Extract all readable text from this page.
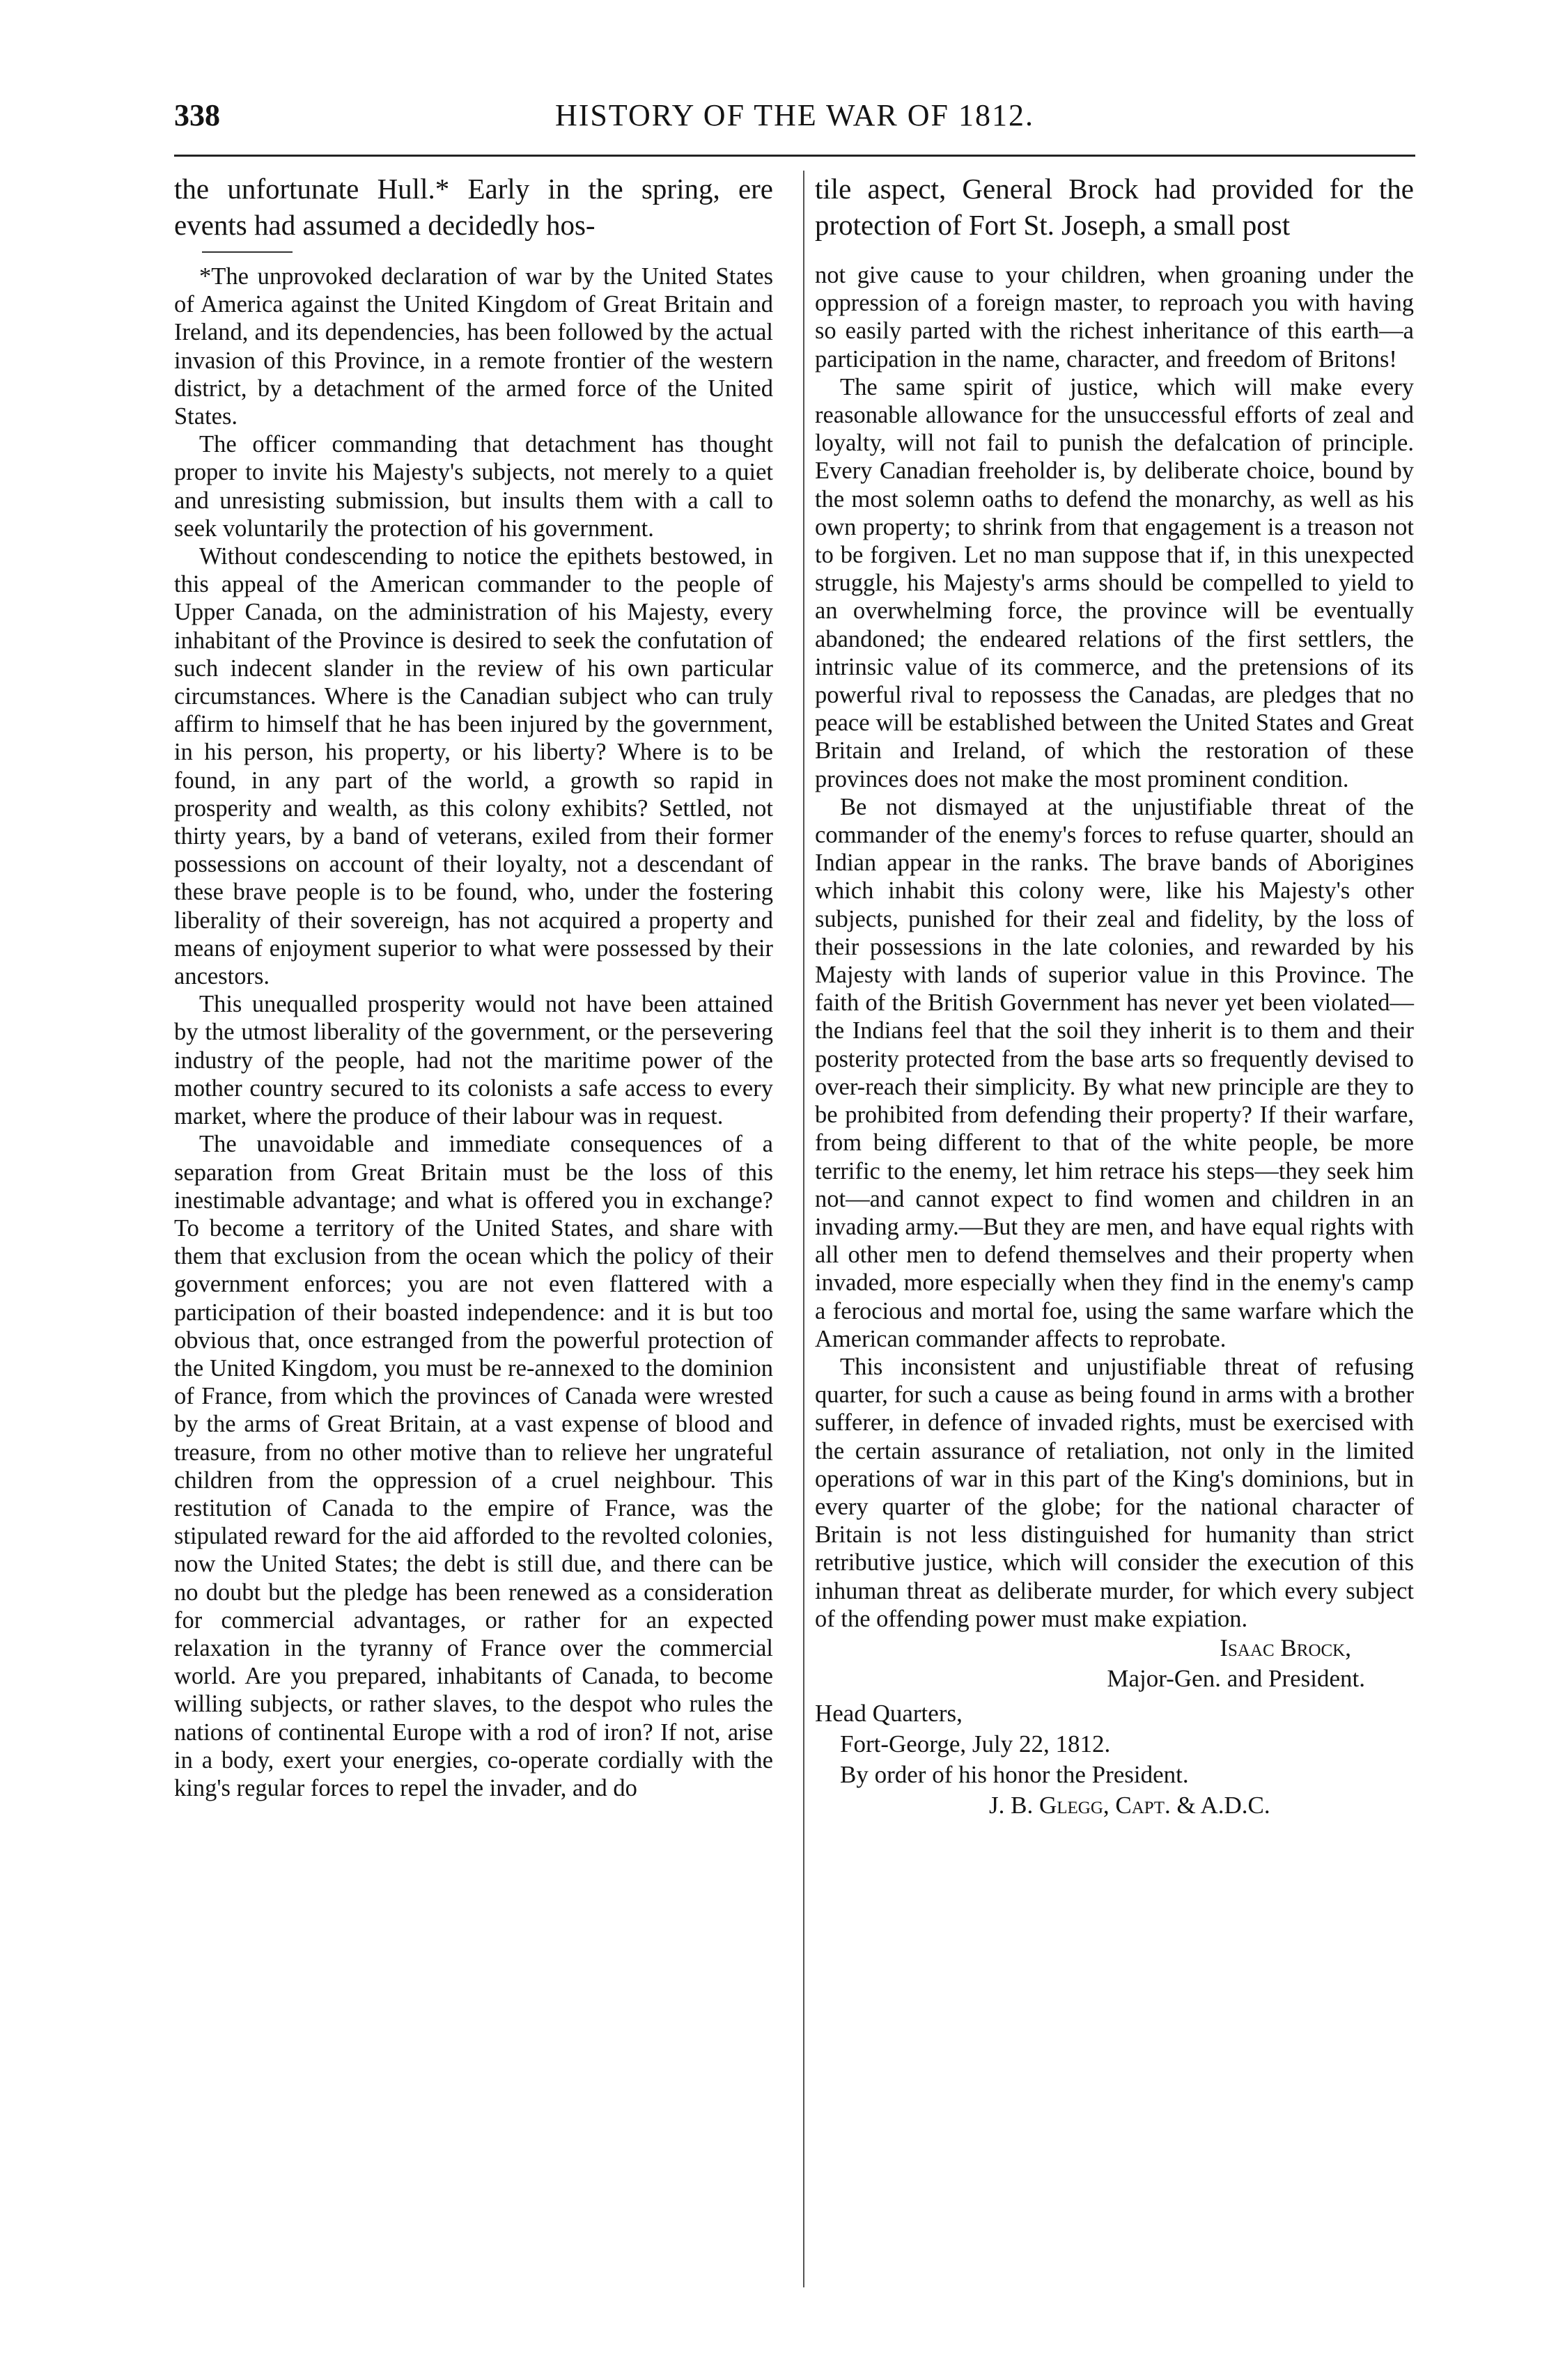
338	HISTORY OF THE WAR OF 1812.

the unfortunate Hull.* Early in the spring, ere events had assumed a decidedly hos-

*The unprovoked declaration of war by the United States of America against the United Kingdom of Great Britain and Ireland, and its dependencies, has been followed by the actual invasion of this Province, in a remote frontier of the western district, by a detachment of the armed force of the United States.

The officer commanding that detachment has thought proper to invite his Majesty's subjects, not merely to a quiet and unresisting submission, but insults them with a call to seek voluntarily the protection of his government.

Without condescending to notice the epithets bestowed, in this appeal of the American commander to the people of Upper Canada, on the administration of his Majesty, every inhabitant of the Province is desired to seek the confutation of such indecent slander in the review of his own particular circumstances. Where is the Canadian subject who can truly affirm to himself that he has been injured by the government, in his person, his property, or his liberty? Where is to be found, in any part of the world, a growth so rapid in prosperity and wealth, as this colony exhibits? Settled, not thirty years, by a band of veterans, exiled from their former possessions on account of their loyalty, not a descendant of these brave people is to be found, who, under the fostering liberality of their sovereign, has not acquired a property and means of enjoyment superior to what were possessed by their ancestors.

This unequalled prosperity would not have been attained by the utmost liberality of the government, or the persevering industry of the people, had not the maritime power of the mother country secured to its colonists a safe access to every market, where the produce of their labour was in request.

The unavoidable and immediate consequences of a separation from Great Britain must be the loss of this inestimable advantage; and what is offered you in exchange? To become a territory of the United States, and share with them that exclusion from the ocean which the policy of their government enforces; you are not even flattered with a participation of their boasted independence: and it is but too obvious that, once estranged from the powerful protection of the United Kingdom, you must be re-annexed to the dominion of France, from which the provinces of Canada were wrested by the arms of Great Britain, at a vast expense of blood and treasure, from no other motive than to relieve her ungrateful children from the oppression of a cruel neighbour. This restitution of Canada to the empire of France, was the stipulated reward for the aid afforded to the revolted colonies, now the United States; the debt is still due, and there can be no doubt but the pledge has been renewed as a consideration for commercial advantages, or rather for an expected relaxation in the tyranny of France over the commercial world. Are you prepared, inhabitants of Canada, to become willing subjects, or rather slaves, to the despot who rules the nations of continental Europe with a rod of iron? If not, arise in a body, exert your energies, co-operate cordially with the king's regular forces to repel the invader, and do

tile aspect, General Brock had provided for the protection of Fort St. Joseph, a small post

not give cause to your children, when groaning under the oppression of a foreign master, to reproach you with having so easily parted with the richest inheritance of this earth—a participation in the name, character, and freedom of Britons!

The same spirit of justice, which will make every reasonable allowance for the unsuccessful efforts of zeal and loyalty, will not fail to punish the defalcation of principle. Every Canadian freeholder is, by deliberate choice, bound by the most solemn oaths to defend the monarchy, as well as his own property; to shrink from that engagement is a treason not to be forgiven. Let no man suppose that if, in this unexpected struggle, his Majesty's arms should be compelled to yield to an overwhelming force, the province will be eventually abandoned; the endeared relations of the first settlers, the intrinsic value of its commerce, and the pretensions of its powerful rival to repossess the Canadas, are pledges that no peace will be established between the United States and Great Britain and Ireland, of which the restoration of these provinces does not make the most prominent condition.

Be not dismayed at the unjustifiable threat of the commander of the enemy's forces to refuse quarter, should an Indian appear in the ranks. The brave bands of Aborigines which inhabit this colony were, like his Majesty's other subjects, punished for their zeal and fidelity, by the loss of their possessions in the late colonies, and rewarded by his Majesty with lands of superior value in this Province. The faith of the British Government has never yet been violated—the Indians feel that the soil they inherit is to them and their posterity protected from the base arts so frequently devised to over-reach their simplicity. By what new principle are they to be prohibited from defending their property? If their warfare, from being different to that of the white people, be more terrific to the enemy, let him retrace his steps—they seek him not—and cannot expect to find women and children in an invading army.—But they are men, and have equal rights with all other men to defend themselves and their property when invaded, more especially when they find in the enemy's camp a ferocious and mortal foe, using the same warfare which the American commander affects to reprobate.

This inconsistent and unjustifiable threat of refusing quarter, for such a cause as being found in arms with a brother sufferer, in defence of invaded rights, must be exercised with the certain assurance of retaliation, not only in the limited operations of war in this part of the King's dominions, but in every quarter of the globe; for the national character of Britain is not less distinguished for humanity than strict retributive justice, which will consider the execution of this inhuman threat as deliberate murder, for which every subject of the offending power must make expiation.

Isaac Brock,

Major-Gen. and President.

Head Quarters,

Fort-George, July 22, 1812.

By order of his honor the President.

J. B. Glegg, Capt. & A.D.C.
